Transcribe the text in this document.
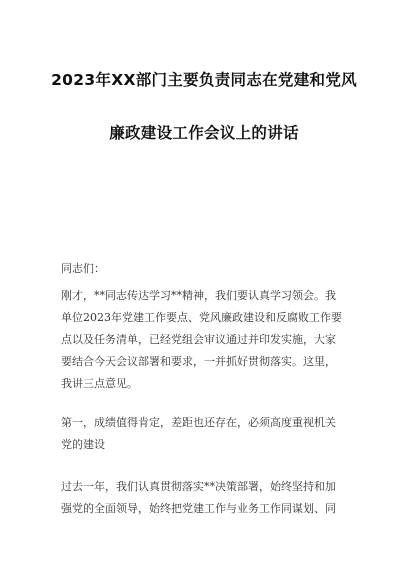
2023年XX部门主要负责同志在党建和党风
廉政建设工作会议上的讲话
同志们：
刚才，**同志传达学习**精神，我们要认真学习领会。我
单位2023年党建工作要点、党风廉政建设和反腐败工作要
点以及任务清单，已经党组会审议通过并印发实施，大家
要结合今天会议部署和要求，一并抓好贯彻落实。这里，
我讲三点意见。
第一，成绩值得肯定，差距也还存在，必须高度重视机关
党的建设
过去一年，我们认真贯彻落实**决策部署，始终坚持和加
强党的全面领导，始终把党建工作与业务工作同谋划、同
